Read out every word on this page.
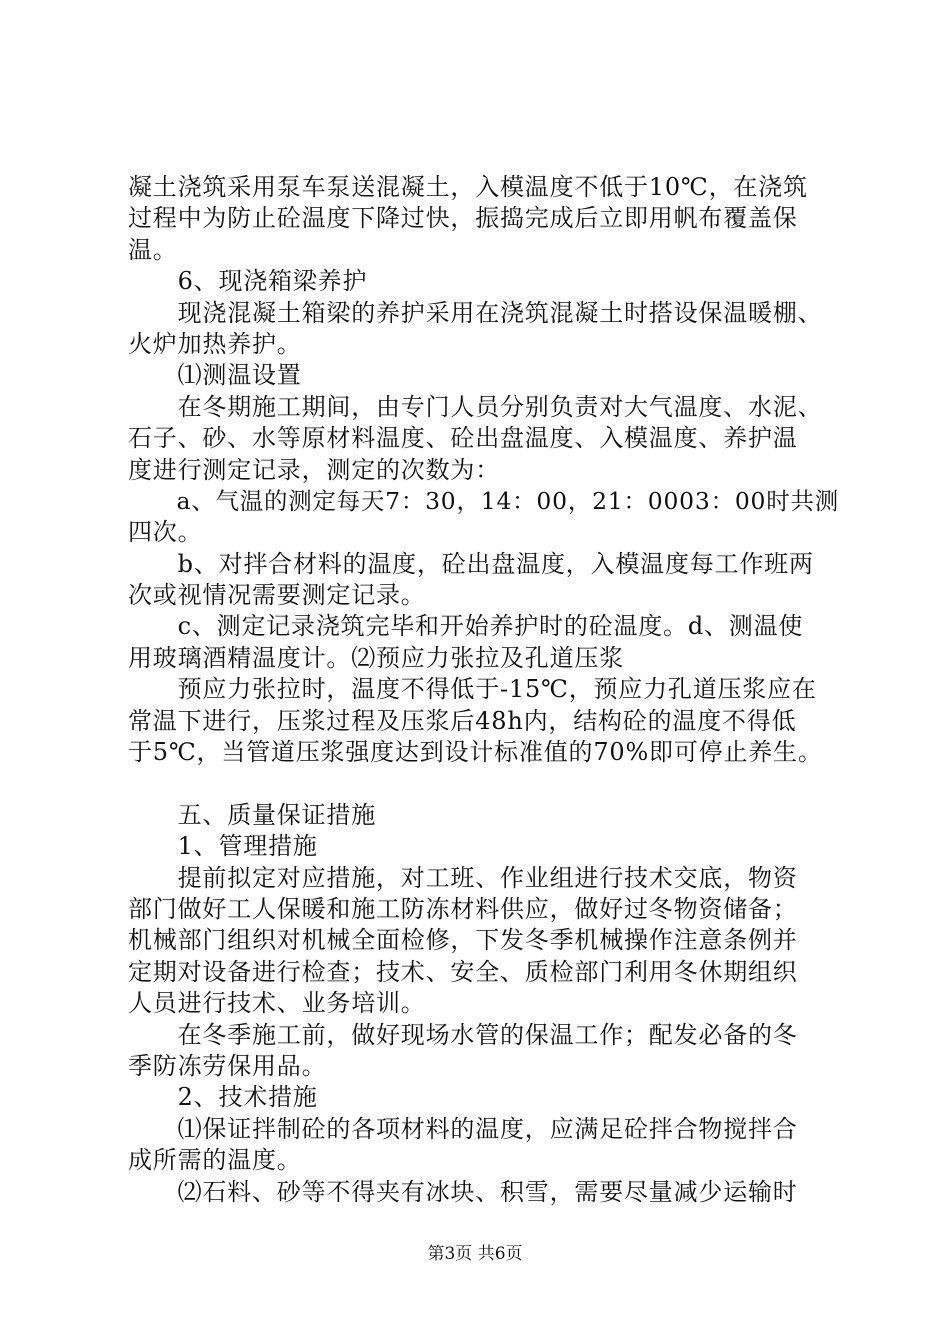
凝土浇筑采用泵车泵送混凝土，入模温度不低于10℃，在浇筑
过程中为防止砼温度下降过快，振捣完成后立即用帆布覆盖保
温。
　　6、现浇箱梁养护
　　现浇混凝土箱梁的养护采用在浇筑混凝土时搭设保温暖棚、
火炉加热养护。
　　⑴测温设置
　　在冬期施工期间，由专门人员分别负责对大气温度、水泥、
石子、砂、水等原材料温度、砼出盘温度、入模温度、养护温
度进行测定记录，测定的次数为：
　　a、气温的测定每天7：30，14：00，21：0003：00时共测
四次。
　　b、对拌合材料的温度，砼出盘温度，入模温度每工作班两
次或视情况需要测定记录。
　　c、测定记录浇筑完毕和开始养护时的砼温度。d、测温使
用玻璃酒精温度计。⑵预应力张拉及孔道压浆
　　预应力张拉时，温度不得低于-15℃，预应力孔道压浆应在
常温下进行，压浆过程及压浆后48h内，结构砼的温度不得低
于5℃，当管道压浆强度达到设计标准值的70%即可停止养生。
　　五、质量保证措施
　　1、管理措施
　　提前拟定对应措施，对工班、作业组进行技术交底，物资
部门做好工人保暖和施工防冻材料供应，做好过冬物资储备；
机械部门组织对机械全面检修，下发冬季机械操作注意条例并
定期对设备进行检查；技术、安全、质检部门利用冬休期组织
人员进行技术、业务培训。
　　在冬季施工前，做好现场水管的保温工作；配发必备的冬
季防冻劳保用品。
　　2、技术措施
　　⑴保证拌制砼的各项材料的温度，应满足砼拌合物搅拌合
成所需的温度。
　　⑵石料、砂等不得夹有冰块、积雪，需要尽量减少运输时
第3页 共6页
